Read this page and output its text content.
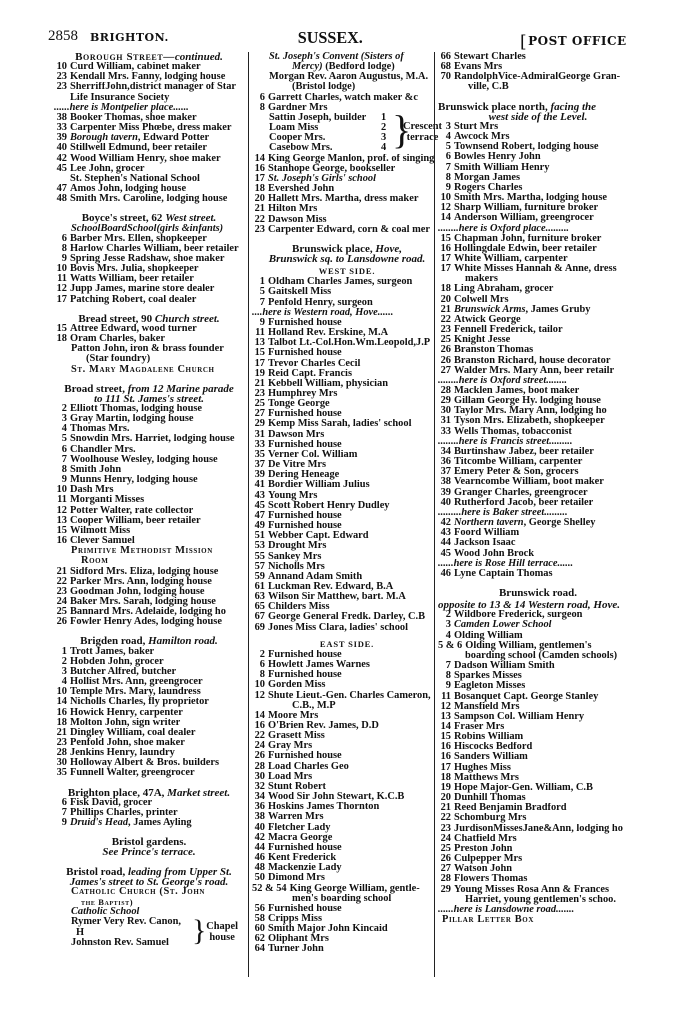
2858 BRIGHTON.	SUSSEX.	[POST OFFICE
Borough Street—continued.
10 Curd William, cabinet maker
23 Kendall Mrs. Fanny, lodging house
23 SherriffJohn,district manager of Star
Life Insurance Society
......here is Montpelier place......
38 Booker Thomas, shoe maker
33 Carpenter Miss Phœbe, dress maker
39 Borough tavern, Edward Potter
40 Stillwell Edmund, beer retailer
42 Wood William Henry, shoe maker
45 Lee John, grocer
St. Stephen's National School
47 Amos John, lodging house
48 Smith Mrs. Caroline, lodging house
Boyce's street, 62 West street.
SchoolBoardSchool(girls &infants)
6 Barber Mrs. Ellen, shopkeeper
8 Harlow Charles William, beer retailer
9 Spring Jesse Radshaw, shoe maker
10 Bovis Mrs. Julia, shopkeeper
11 Watts William, beer retailer
12 Jupp James, marine store dealer
17 Patching Robert, coal dealer
Bread street, 90 Church street.
15 Attree Edward, wood turner
18 Oram Charles, baker
Patton John, iron & brass founder
(Star foundry)
St. Mary Magdalene Church
Broad street, from 12 Marine parade
to 111 St. James's street.
2 Elliott Thomas, lodging house
3 Gray Martin, lodging house
4 Thomas Mrs.
5 Snowdin Mrs. Harriet, lodging house
6 Chandler Mrs.
7 Woolhouse Wesley, lodging house
8 Smith John
9 Munns Henry, lodging house
10 Dash Mrs
11 Morganti Misses
12 Potter Walter, rate collector
13 Cooper William, beer retailer
15 Wilmott Miss
16 Clever Samuel
Primitive Methodist Mission
Room
21 Sidford Mrs. Eliza, lodging house
22 Parker Mrs. Ann, lodging house
23 Goodman John, lodging house
24 Baker Mrs. Sarah, lodging house
25 Bannard Mrs. Adelaide, lodging ho
26 Fowler Henry Ades, lodging house
Brigden road, Hamilton road.
1 Trott James, baker
2 Hobden John, grocer
3 Butcher Alfred, butcher
4 Hollist Mrs. Ann, greengrocer
10 Temple Mrs. Mary, laundress
14 Nicholls Charles, fly proprietor
16 Howick Henry, carpenter
18 Molton John, sign writer
21 Dingley William, coal dealer
23 Penfold John, shoe maker
28 Jenkins Henry, laundry
30 Holloway Albert & Bros. builders
35 Funnell Walter, greengrocer
Brighton place, 47A, Market street.
6 Fisk David, grocer
7 Phillips Charles, printer
9 Druid's Head, James Ayling
Bristol gardens.
See Prince's terrace.
Bristol road, leading from Upper St.
James's street to St. George's road.
Catholic Church (St. John
the Baptist)
Catholic School
Rymer Very Rev. Canon,
H
Johnston Rev. Samuel } Chapel
house
St. Joseph's Convent (Sisters of
Mercy) (Bedford lodge)
Morgan Rev. Aaron Augustus, M.A.
(Bristol lodge)
6 Garrett Charles, watch maker &c
8 Gardner Mrs
Sattin Joseph, builder 1
Loam Miss	2
Cooper Mrs.	3
Casebow Mrs.	4 }
Crescent
terrace
14 King George Manlon, prof. of singing
16 Stanhope George, bookseller
17 St. Joseph's Girls' school
18 Evershed John
20 Hallett Mrs. Martha, dress maker
21 Hilton Mrs
22 Dawson Miss
23 Carpenter Edward, corn & coal mer
Brunswick place, Hove,
Brunswick sq. to Lansdowne road.
WEST SIDE.
1 Oldham Charles James, surgeon
5 Gaitskell Miss
7 Penfold Henry, surgeon
....here is Western road, Hove......
9 Furnished house
11 Holland Rev. Erskine, M.A
13 Talbot Lt.-Col.Hon.Wm.Leopold,J.P
15 Furnished house
17 Trevor Charles Cecil
19 Reid Capt. Francis
21 Kebbell William, physician
23 Humphrey Mrs
25 Tonge George
27 Furnished house
29 Kemp Miss Sarah, ladies' school
31 Dawson Mrs
33 Furnished house
35 Verner Col. William
37 De Vitre Mrs
39 Dering Heneage
41 Bordier William Julius
43 Young Mrs
45 Scott Robert Henry Dudley
47 Furnished house
49 Furnished house
51 Webber Capt. Edward
53 Drought Mrs
55 Sankey Mrs
57 Nicholls Mrs
59 Annand Adam Smith
61 Luckman Rev. Edward, B.A
63 Wilson Sir Matthew, bart. M.A
65 Childers Miss
67 George General Fredk. Darley, C.B
69 Jones Miss Clara, ladies' school
EAST SIDE.
2 Furnished house
6 Howlett James Warnes
8 Furnished house
10 Gorden Miss
12 Shute Lieut.-Gen. Charles Cameron,
C.B., M.P
14 Moore Mrs
16 O'Brien Rev. James, D.D
22 Grasett Miss
24 Gray Mrs
26 Furnished house
28 Load Charles Geo
30 Load Mrs
32 Stunt Robert
34 Wood Sir John Stewart, K.C.B
36 Hoskins James Thornton
38 Warren Mrs
40 Fletcher Lady
42 Macra George
44 Furnished house
46 Kent Frederick
48 Mackenzie Lady
50 Dimond Mrs
52 & 54 King George William, gentle-
men's boarding school
56 Furnished house
58 Cripps Miss
60 Smith Major John Kincaid
62 Oliphant Mrs
64 Turner John
66 Stewart Charles
68 Evans Mrs
70 RandolphVice-AdmiralGeorge Gran-
ville, C.B
Brunswick place north, facing the
west side of the Level.
3 Sturt Mrs
4 Awcock Mrs
5 Townsend Robert, lodging house
6 Bowles Henry John
7 Smith William Henry
8 Morgan James
9 Rogers Charles
10 Smith Mrs. Martha, lodging house
12 Sharp William, furniture broker
14 Anderson William, greengrocer
........here is Oxford place.........
15 Chapman John, furniture broker
16 Hollingdale Edwin, beer retailer
17 White William, carpenter
17 White Misses Hannah & Anne, dress
makers
18 Ling Abraham, grocer
20 Colwell Mrs
21 Brunswick Arms, James Gruby
22 Atwick George
23 Fennell Frederick, tailor
25 Knight Jesse
26 Branston Thomas
26 Branston Richard, house decorator
27 Walder Mrs. Mary Ann, beer retailr
........here is Oxford street........
28 Macklen James, boot maker
29 Gillam George Hy. lodging house
30 Taylor Mrs. Mary Ann, lodging ho
31 Tyson Mrs. Elizabeth, shopkeeper
33 Wells Thomas, tobacconist
........here is Francis street.........
34 Burtinshaw Jabez, beer retailer
36 Titcombe William, carpenter
37 Emery Peter & Son, grocers
38 Vearncombe William, boot maker
39 Granger Charles, greengrocer
40 Rutherford Jacob, beer retailer
.........here is Baker street.........
42 Northern tavern, George Shelley
43 Foord William
44 Jackson Isaac
45 Wood John Brock
......here is Rose Hill terrace......
46 Lyne Captain Thomas
Brunswick road.
opposite to 13 & 14 Western road, Hove.
2 Wildbore Frederick, surgeon
3 Camden Lower School
4 Olding William
5 & 6 Olding William, gentlemen's
boarding school (Camden schools)
7 Dadson William Smith
8 Sparkes Misses
9 Eagleton Misses
11 Bosanquet Capt. George Stanley
12 Mansfield Mrs
13 Sampson Col. William Henry
14 Fraser Mrs
15 Robins William
16 Hiscocks Bedford
16 Sanders William
17 Hughes Miss
18 Matthews Mrs
19 Hope Major-Gen. William, C.B
20 Dunhill Thomas
21 Reed Benjamin Bradford
22 Schomburg Mrs
23 JurdisonMissesJane&Ann, lodging ho
24 Chatfield Mrs
25 Preston John
26 Culpepper Mrs
27 Watson John
28 Flowers Thomas
29 Young Misses Rosa Ann & Frances
Harriet, young gentlemen's schoo.
......here is Lansdowne road.......
Pillar Letter Box
